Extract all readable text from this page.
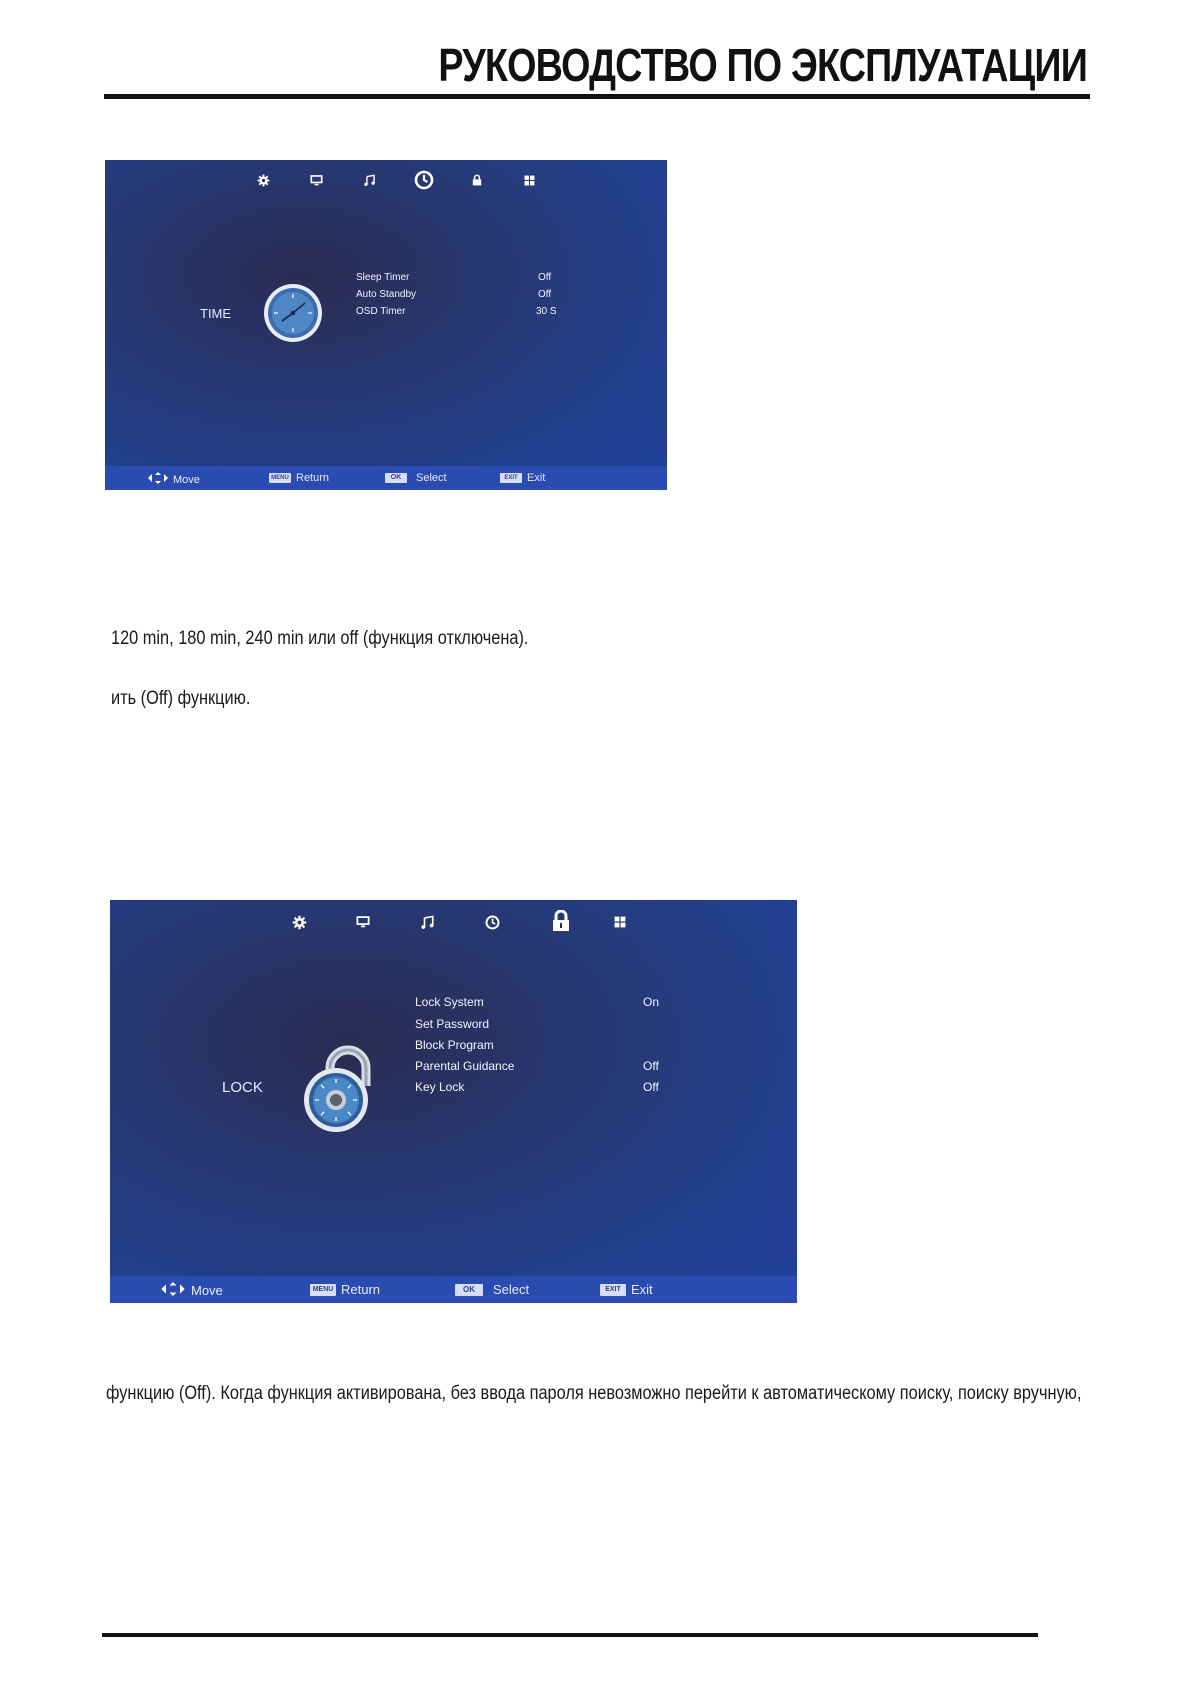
РУКОВОДСТВО ПО ЭКСПЛУАТАЦИИ
TIME
Sleep Timer	Off
Auto Standby	Off
OSD Timer	30 S
Move	MENU Return	OK	Select	EXIT Exit

120 min, 180 min, 240 min или off (функция отключена).

ить (Off) функцию.

LOCK
Lock System	On
Set Password
Block Program
Parental Guidance	Off
Key Lock	Off
Move	MENU Return	OK	Select	EXIT Exit

функцию (Off). Когда функция активирована, без ввода пароля невозможно перейти к автоматическому поиску, поиску вручную,
